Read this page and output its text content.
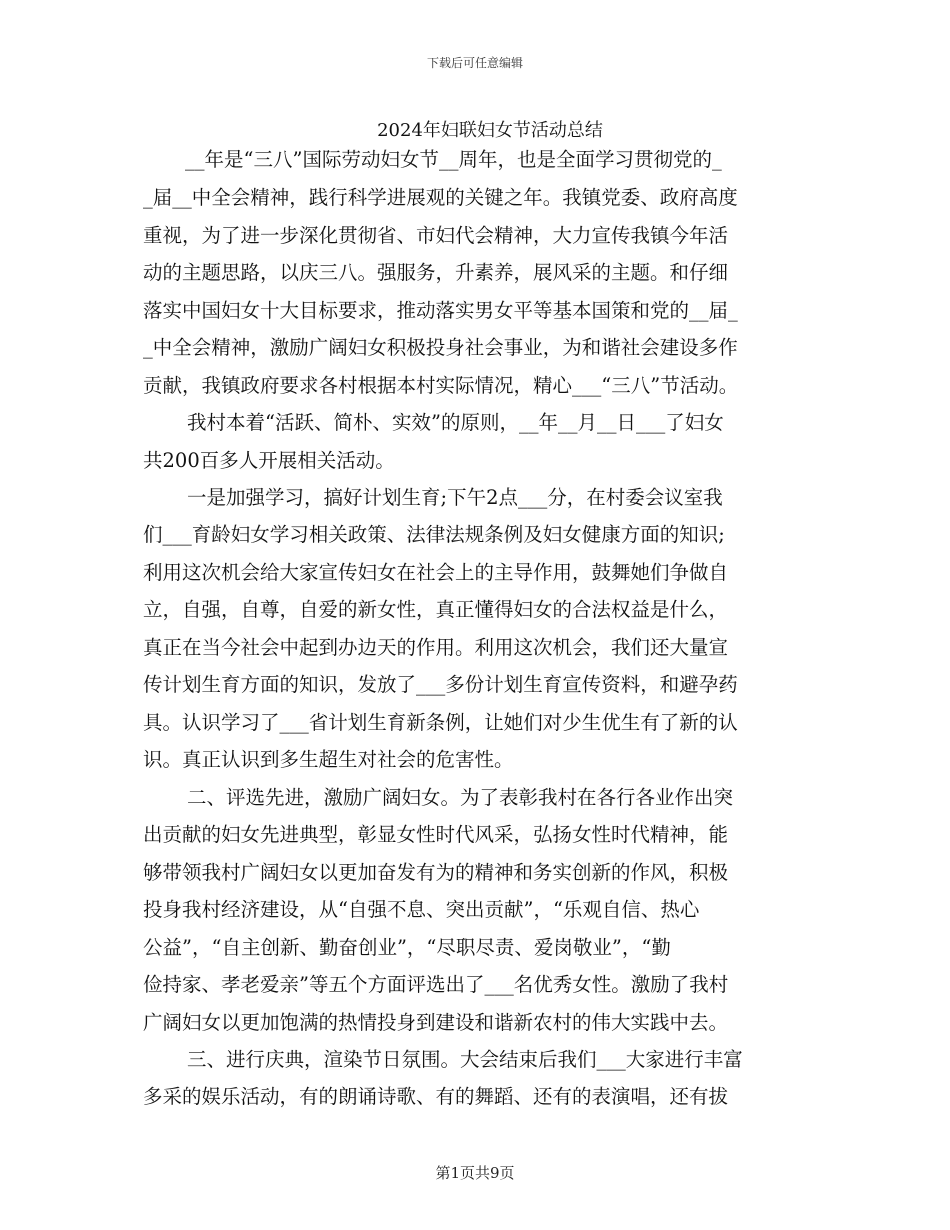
下载后可任意编辑
2024年妇联妇女节活动总结
__年是“三八”国际劳动妇女节__周年，也是全面学习贯彻党的_
_届__中全会精神，践行科学进展观的关键之年。我镇党委、政府高度
重视，为了进一步深化贯彻省、市妇代会精神，大力宣传我镇今年活
动的主题思路，以庆三八。强服务，升素养，展风采的主题。和仔细
落实中国妇女十大目标要求，推动落实男女平等基本国策和党的__届_
_中全会精神，激励广阔妇女积极投身社会事业，为和谐社会建设多作
贡献，我镇政府要求各村根据本村实际情况，精心___“三八”节活动。
我村本着“活跃、简朴、实效”的原则，__年__月__日___了妇女
共200百多人开展相关活动。
一是加强学习，搞好计划生育;下午2点___分，在村委会议室我
们___育龄妇女学习相关政策、法律法规条例及妇女健康方面的知识;
利用这次机会给大家宣传妇女在社会上的主导作用，鼓舞她们争做自
立，自强，自尊，自爱的新女性，真正懂得妇女的合法权益是什么，
真正在当今社会中起到办边天的作用。利用这次机会，我们还大量宣
传计划生育方面的知识，发放了___多份计划生育宣传资料，和避孕药
具。认识学习了___省计划生育新条例，让她们对少生优生有了新的认
识。真正认识到多生超生对社会的危害性。
二、评选先进，激励广阔妇女。为了表彰我村在各行各业作出突
出贡献的妇女先进典型，彰显女性时代风采，弘扬女性时代精神，能
够带领我村广阔妇女以更加奋发有为的精神和务实创新的作风，积极
投身我村经济建设，从“自强不息、突出贡献”，“乐观自信、热心
公益”，“自主创新、勤奋创业”，“尽职尽责、爱岗敬业”，“勤
俭持家、孝老爱亲”等五个方面评选出了___名优秀女性。激励了我村
广阔妇女以更加饱满的热情投身到建设和谐新农村的伟大实践中去。
三、进行庆典，渲染节日氛围。大会结束后我们___大家进行丰富
多采的娱乐活动，有的朗诵诗歌、有的舞蹈、还有的表演唱，还有拔
第1页共9页
